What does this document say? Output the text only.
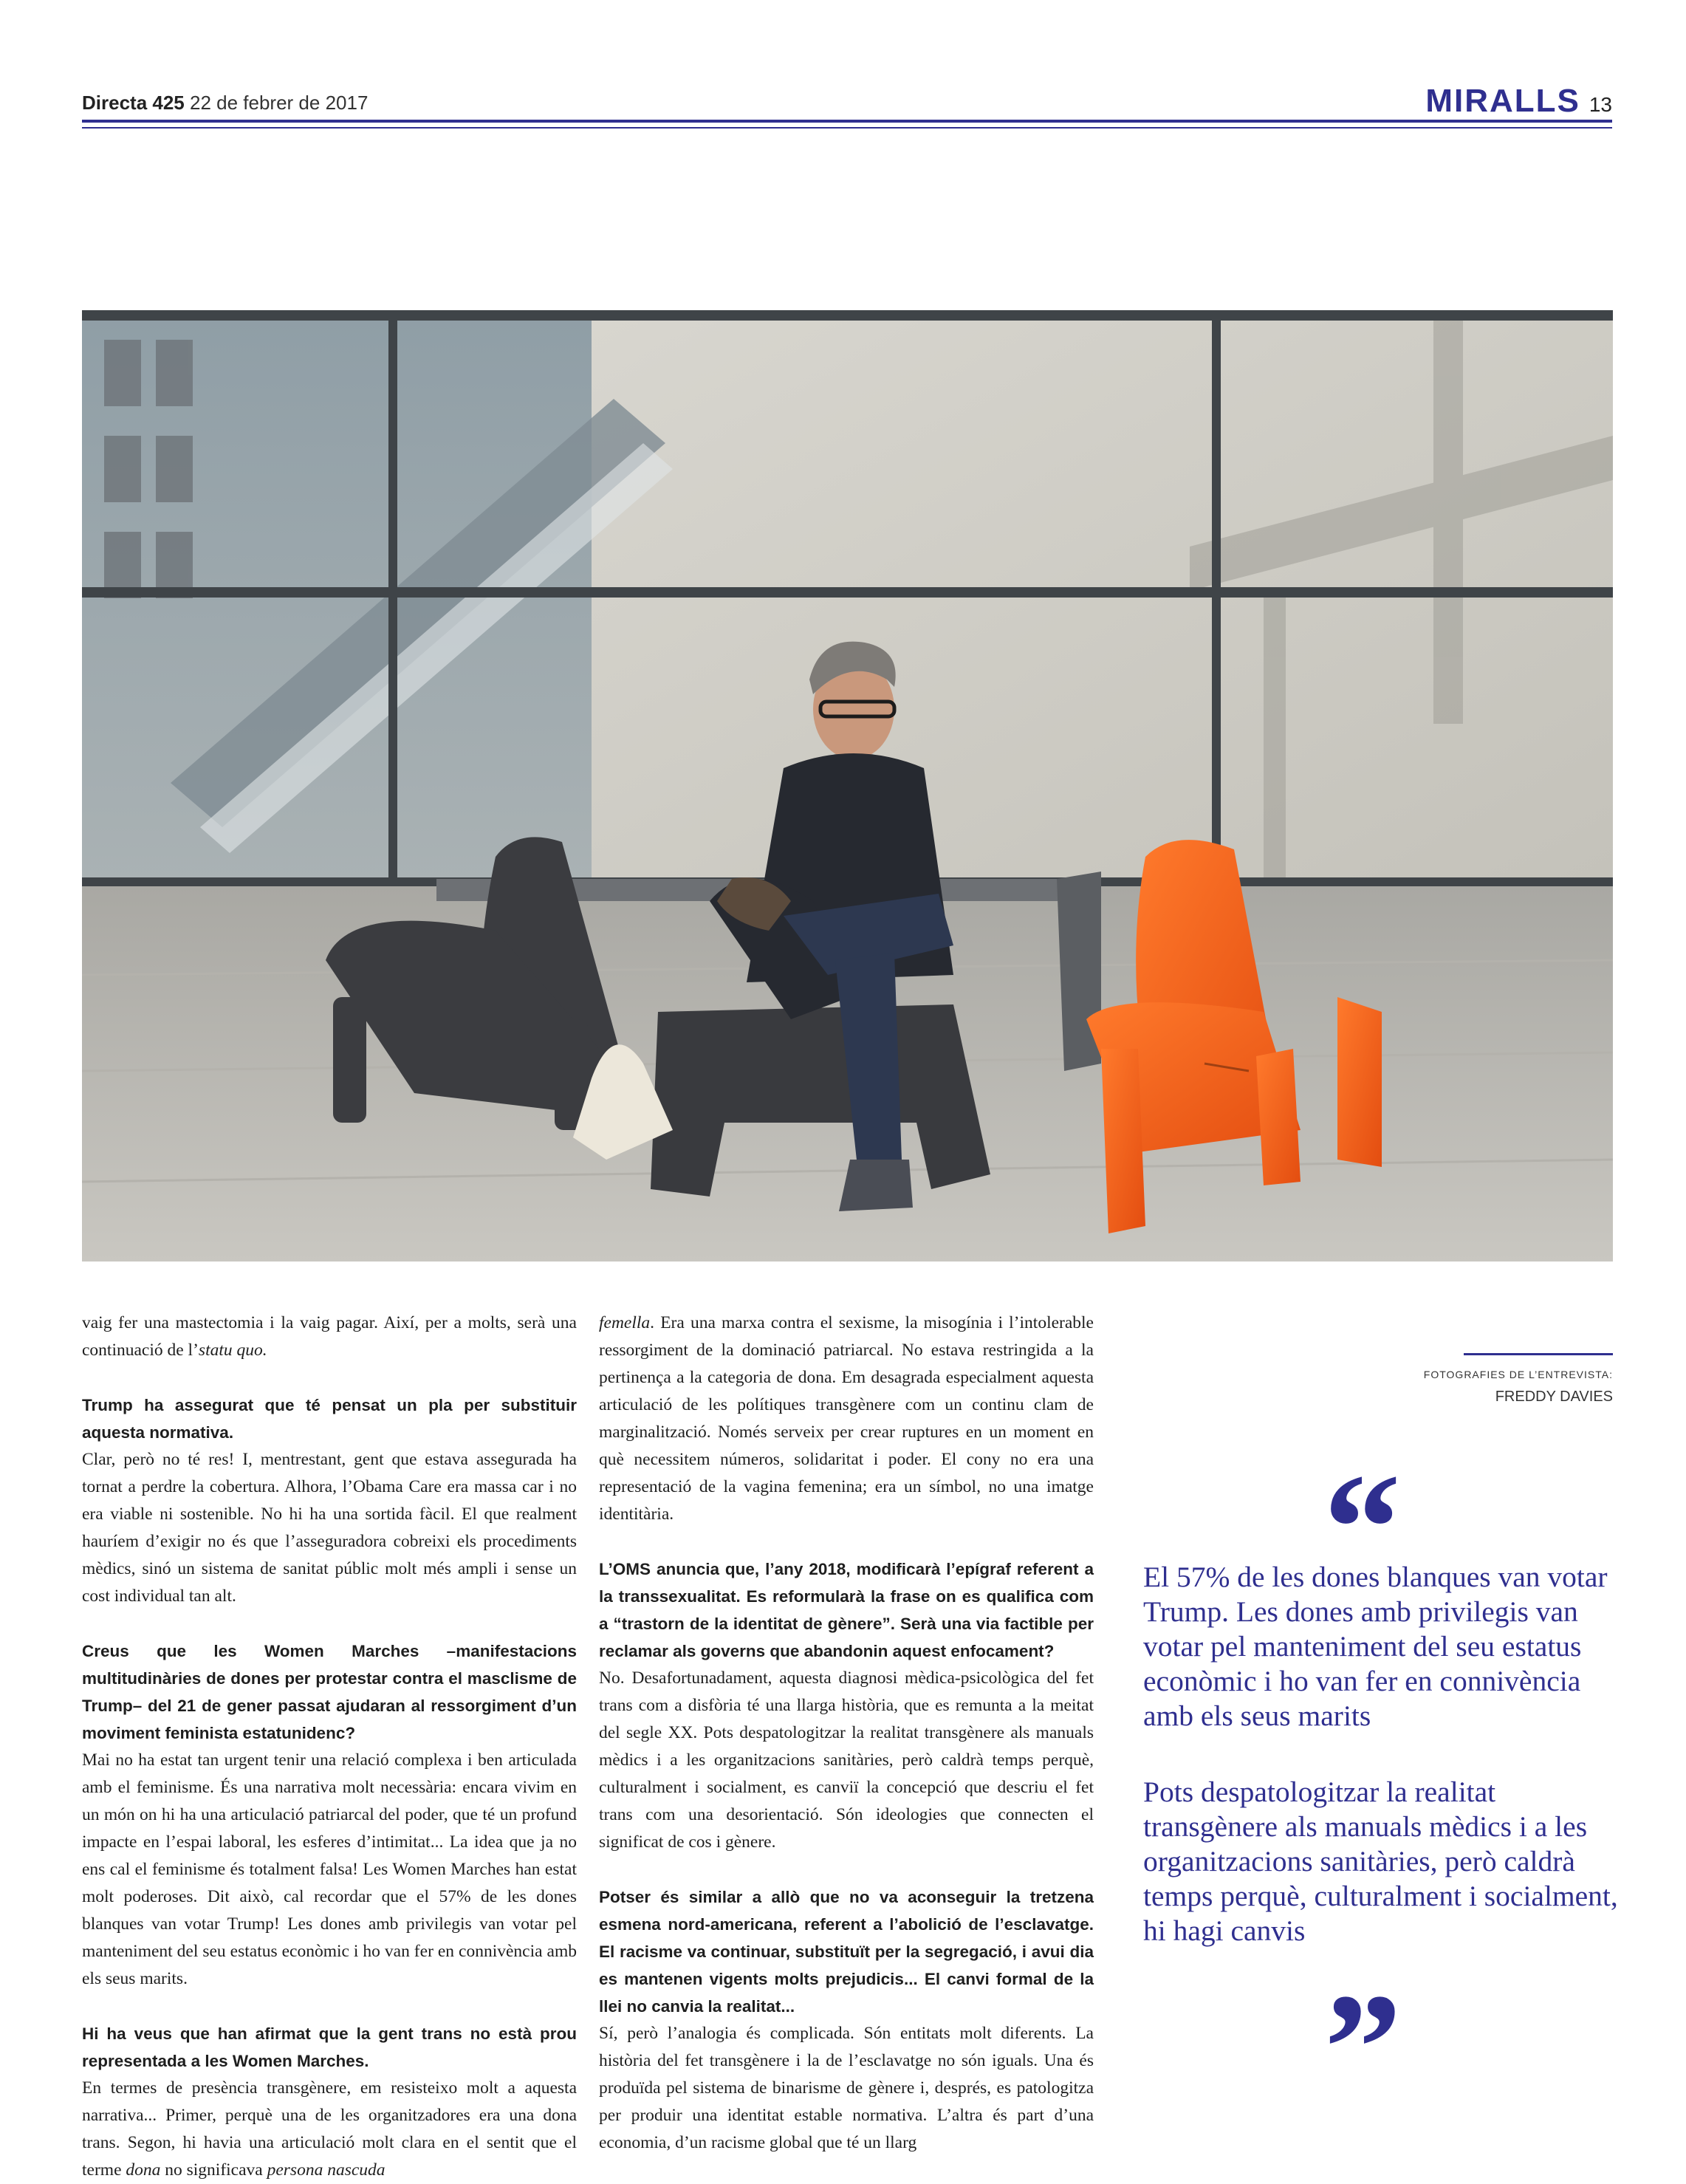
Directa 425 22 de febrer de 2017	MIRALLS 13

vaig fer una mastectomia i la vaig pagar. Així, per a molts, serà una continuació de l’statu quo.

Trump ha assegurat que té pensat un pla per substituir aquesta normativa.

Clar, però no té res! I, mentrestant, gent que estava assegurada ha tornat a perdre la cobertura. Alhora, l’Obama Care era massa car i no era viable ni sostenible. No hi ha una sortida fàcil. El que realment hauríem d’exigir no és que l’asseguradora cobreixi els procediments mèdics, sinó un sistema de sanitat públic molt més ampli i sense un cost individual tan alt.

Creus que les Women Marches –manifestacions multitudinàries de dones per protestar contra el masclisme de Trump– del 21 de gener passat ajudaran al ressorgiment d’un moviment feminista estatunidenc?

Mai no ha estat tan urgent tenir una relació complexa i ben articulada amb el feminisme. És una narrativa molt necessària: encara vivim en un món on hi ha una articulació patriarcal del poder, que té un profund impacte en l’espai laboral, les esferes d’intimitat... La idea que ja no ens cal el feminisme és totalment falsa! Les Women Marches han estat molt poderoses. Dit això, cal recordar que el 57% de les dones blanques van votar Trump! Les dones amb privilegis van votar pel manteniment del seu estatus econòmic i ho van fer en connivència amb els seus marits.

Hi ha veus que han afirmat que la gent trans no està prou representada a les Women Marches.

En termes de presència transgènere, em resisteixo molt a aquesta narrativa... Primer, perquè una de les organitzadores era una dona trans. Segon, hi havia una articulació molt clara en el sentit que el terme dona no significava persona nascuda

femella. Era una marxa contra el sexisme, la misogínia i l’intolerable ressorgiment de la dominació patriarcal. No estava restringida a la pertinença a la categoria de dona. Em desagrada especialment aquesta articulació de les polítiques transgènere com un continu clam de marginalització. Només serveix per crear ruptures en un moment en què necessitem números, solidaritat i poder. El cony no era una representació de la vagina femenina; era un símbol, no una imatge identitària.

L’OMS anuncia que, l’any 2018, modificarà l’epígraf referent a la transsexualitat. Es reformularà la frase on es qualifica com a “trastorn de la identitat de gènere”. Serà una via factible per reclamar als governs que abandonin aquest enfocament?

No. Desafortunadament, aquesta diagnosi mèdica-psicològica del fet trans com a disfòria té una llarga història, que es remunta a la meitat del segle XX. Pots despatologitzar la realitat transgènere als manuals mèdics i a les organitzacions sanitàries, però caldrà temps perquè, culturalment i socialment, es canviï la concepció que descriu el fet trans com una desorientació. Són ideologies que connecten el significat de cos i gènere.

Potser és similar a allò que no va aconseguir la tretzena esmena nord-americana, referent a l’abolició de l’esclavatge. El racisme va continuar, substituït per la segregació, i avui dia es mantenen vigents molts prejudicis... El canvi formal de la llei no canvia la realitat...

Sí, però l’analogia és complicada. Són entitats molt diferents. La història del fet transgènere i la de l’esclavatge no són iguals. Una és produïda pel sistema de binarisme de gènere i, després, es patologitza per produir una identitat estable normativa. L’altra és part d’una economia, d’un racisme global que té un llarg

FOTOGRAFIES DE L’ENTREVISTA:
FREDDY DAVIES
“
El 57% de les dones blanques van votar Trump. Les dones amb privilegis van votar pel manteniment del seu estatus econòmic i ho van fer en connivència amb els seus marits
Pots despatologitzar la realitat transgènere als manuals mèdics i a les organitzacions sanitàries, però caldrà temps perquè, culturalment i socialment, hi hagi canvis
”
